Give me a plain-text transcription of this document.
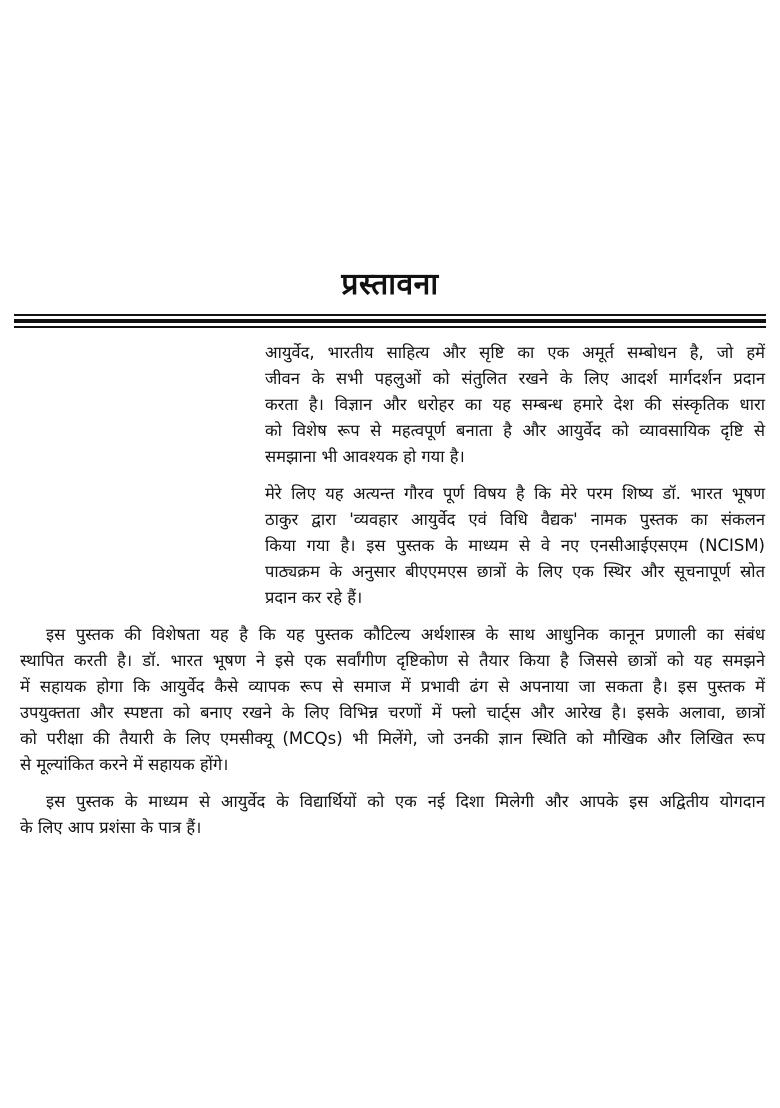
प्रस्तावना
आयुर्वेद, भारतीय साहित्य और सृष्टि का एक अमूर्त सम्बोधन है, जो हमें
जीवन के सभी पहलुओं को संतुलित रखने के लिए आदर्श मार्गदर्शन प्रदान
करता है। विज्ञान और धरोहर का यह सम्बन्ध हमारे देश की संस्कृतिक धारा
को विशेष रूप से महत्वपूर्ण बनाता है और आयुर्वेद को व्यावसायिक दृष्टि से
समझाना भी आवश्यक हो गया है।
मेरे लिए यह अत्यन्त गौरव पूर्ण विषय है कि मेरे परम शिष्य डॉ. भारत भूषण
ठाकुर द्वारा 'व्यवहार आयुर्वेद एवं विधि वैद्यक' नामक पुस्तक का संकलन
किया गया है। इस पुस्तक के माध्यम से वे नए एनसीआईएसएम (NCISM)
पाठ्यक्रम के अनुसार बीएएमएस छात्रों के लिए एक स्थिर और सूचनापूर्ण स्रोत
प्रदान कर रहे हैं।
इस पुस्तक की विशेषता यह है कि यह पुस्तक कौटिल्य अर्थशास्त्र के साथ आधुनिक कानून प्रणाली का संबंध
स्थापित करती है। डॉ. भारत भूषण ने इसे एक सर्वांगीण दृष्टिकोण से तैयार किया है जिससे छात्रों को यह समझने
में सहायक होगा कि आयुर्वेद कैसे व्यापक रूप से समाज में प्रभावी ढंग से अपनाया जा सकता है। इस पुस्तक में
उपयुक्तता और स्पष्टता को बनाए रखने के लिए विभिन्न चरणों में फ्लो चार्ट्स और आरेख है। इसके अलावा, छात्रों
को परीक्षा की तैयारी के लिए एमसीक्यू (MCQs) भी मिलेंगे, जो उनकी ज्ञान स्थिति को मौखिक और लिखित रूप
से मूल्यांकित करने में सहायक होंगे।
इस पुस्तक के माध्यम से आयुर्वेद के विद्यार्थियों को एक नई दिशा मिलेगी और आपके इस अद्वितीय योगदान
के लिए आप प्रशंसा के पात्र हैं।
